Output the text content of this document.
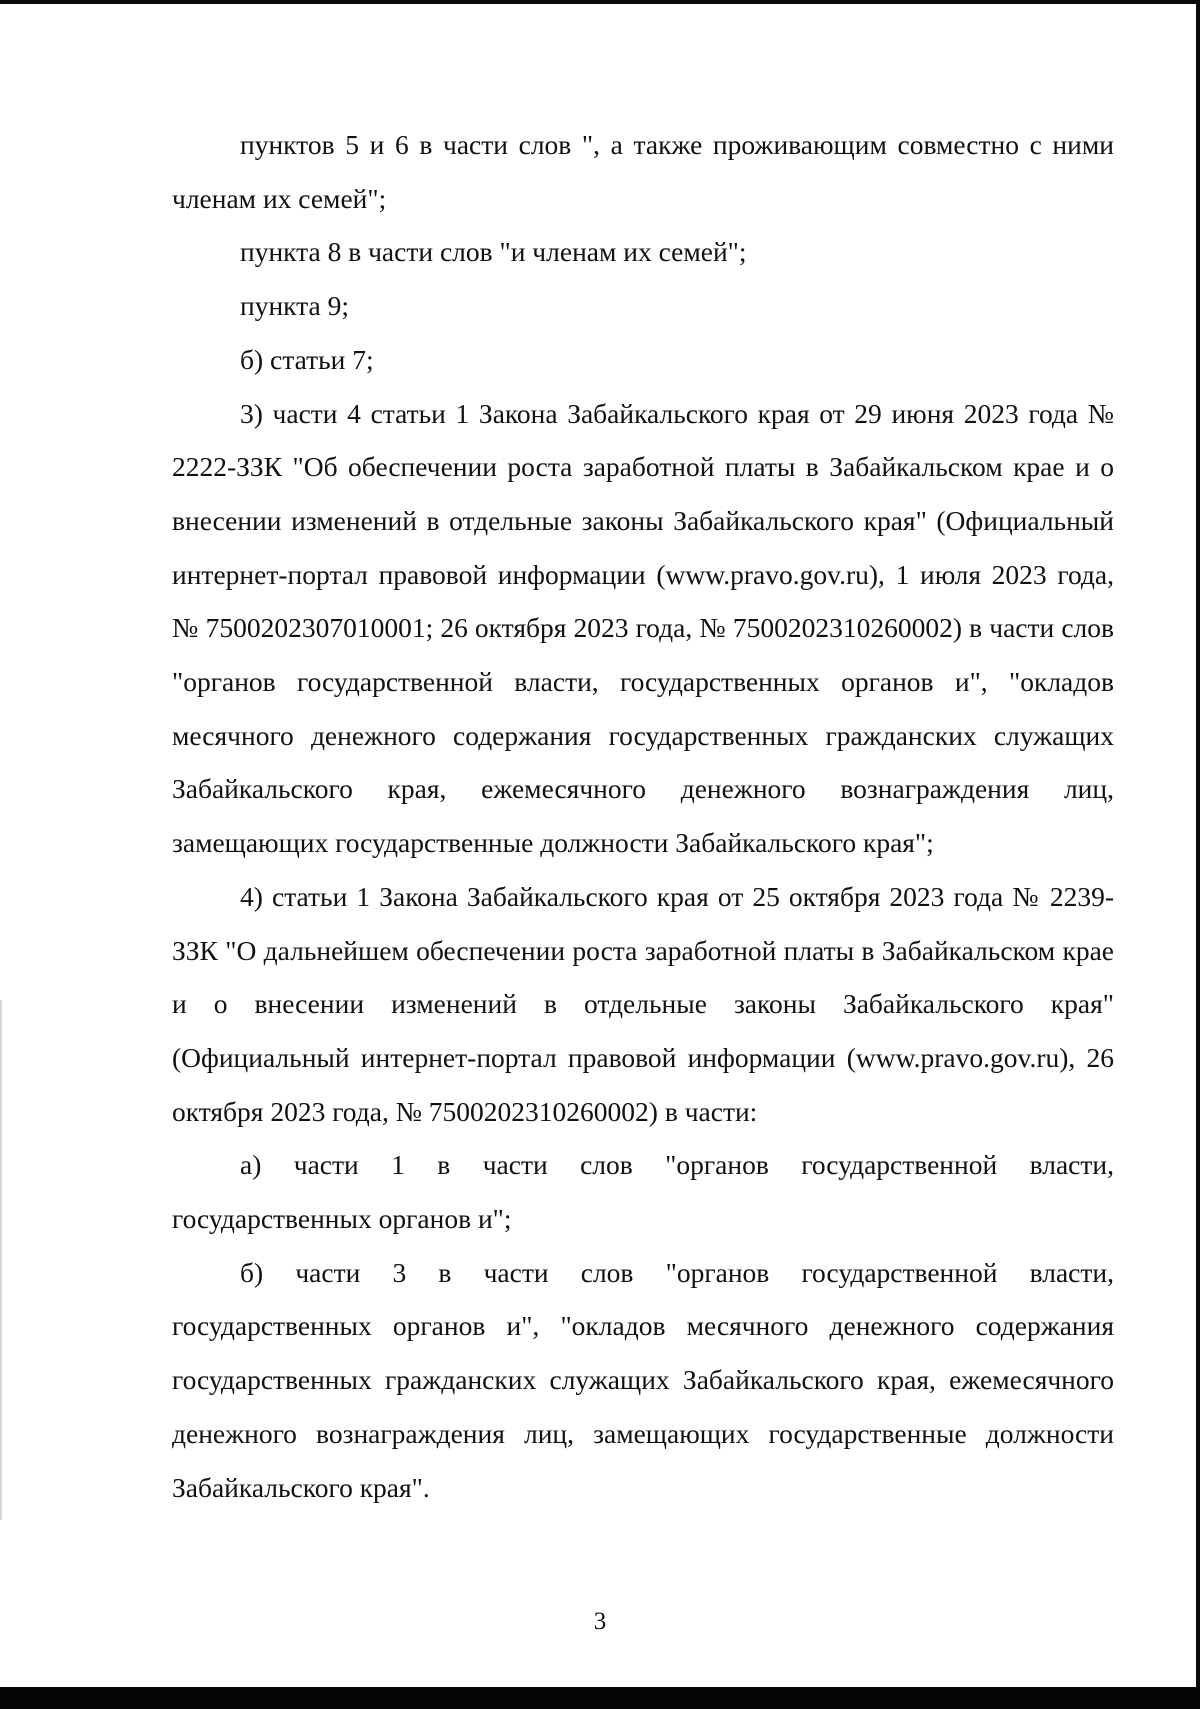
пунктов 5 и 6 в части слов ", а также проживающим совместно с ними членам их семей";

пункта 8 в части слов "и членам их семей";

пункта 9;

б) статьи 7;

3) части 4 статьи 1 Закона Забайкальского края от 29 июня 2023 года № 2222-ЗЗК "Об обеспечении роста заработной платы в Забайкальском крае и о внесении изменений в отдельные законы Забайкальского края" (Официальный интернет-портал правовой информации (www.pravo.gov.ru), 1 июля 2023 года, № 7500202307010001; 26 октября 2023 года, № 7500202310260002) в части слов "органов государственной власти, государственных органов и", "окладов месячного денежного содержания государственных гражданских служащих Забайкальского края, ежемесячного денежного вознаграждения лиц, замещающих государственные должности Забайкальского края";

4) статьи 1 Закона Забайкальского края от 25 октября 2023 года № 2239-ЗЗК "О дальнейшем обеспечении роста заработной платы в Забайкальском крае и о внесении изменений в отдельные законы Забайкальского края" (Официальный интернет-портал правовой информации (www.pravo.gov.ru), 26 октября 2023 года, № 7500202310260002) в части:

а) части 1 в части слов "органов государственной власти, государственных органов и";

б) части 3 в части слов "органов государственной власти, государственных органов и", "окладов месячного денежного содержания государственных гражданских служащих Забайкальского края, ежемесячного денежного вознаграждения лиц, замещающих государственные должности Забайкальского края".

3
